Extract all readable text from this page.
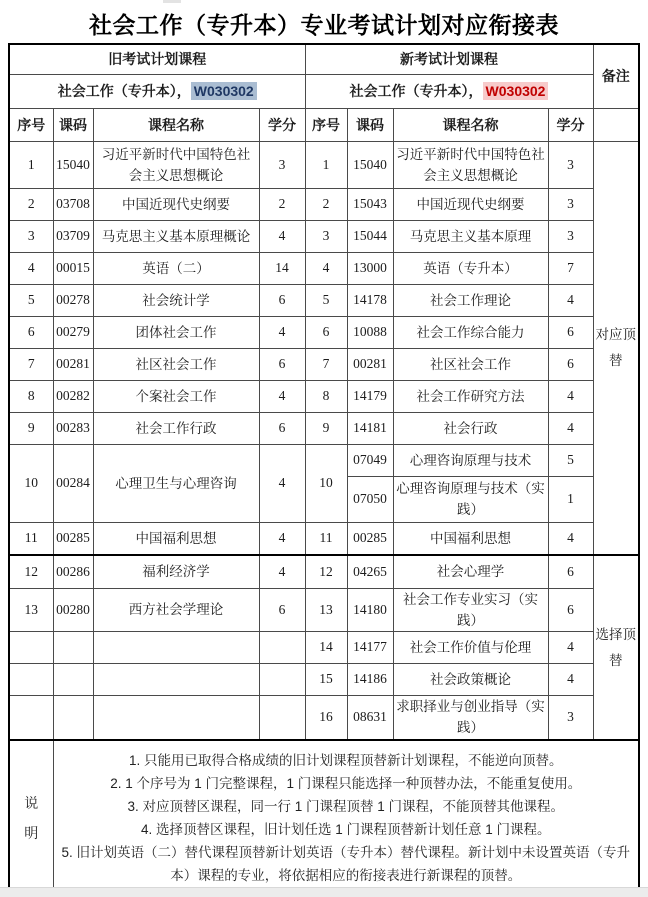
社会工作（专升本）专业考试计划对应衔接表
旧考试计划课程				新考试计划课程				备注
社会工作（专升本）， W030302				社会工作（专升本）， W030302				
序号	课码	课程名称	学分	序号	课码	课程名称	学分	
1	15040	习近平新时代中国特色社会主义思想概论	3	1	15040	习近平新时代中国特色社会主义思想概论	3	对应顶替
2	03708	中国近现代史纲要	2	2	15043	中国近现代史纲要	3	
3	03709	马克思主义基本原理概论	4	3	15044	马克思主义基本原理	3	
4	00015	英语（二）	14	4	13000	英语（专升本）	7	
5	00278	社会统计学	6	5	14178	社会工作理论	4	
6	00279	团体社会工作	4	6	10088	社会工作综合能力	6	
7	00281	社区社会工作	6	7	00281	社区社会工作	6	
8	00282	个案社会工作	4	8	14179	社会工作研究方法	4	
9	00283	社会工作行政	6	9	14181	社会行政	4	
10	00284	心理卫生与心理咨询	4	10	07049	心理咨询原理与技术	5	
					07050	心理咨询原理与技术（实践）	1	
11	00285	中国福利思想	4	11	00285	中国福利思想	4	
12	00286	福利经济学	4	12	04265	社会心理学	6	选择顶替
13	00280	西方社会学理论	6	13	14180	社会工作专业实习（实践）	6	
				14	14177	社会工作价值与伦理	4	
				15	14186	社会政策概论	4	
				16	08631	求职择业与创业指导（实践）	3	

说明	1. 只能用已取得合格成绩的旧计划课程顶替新计划课程，不能逆向顶替。
2. 1 个序号为 1 门完整课程，1 门课程只能选择一种顶替办法，不能重复使用。
3. 对应顶替区课程，同一行 1 门课程顶替 1 门课程，不能顶替其他课程。
4. 选择顶替区课程，旧计划任选 1 门课程顶替新计划任意 1 门课程。
5. 旧计划英语（二）替代课程顶替新计划英语（专升本）替代课程。新计划中未设置英语（专升本）课程的专业，将依据相应的衔接表进行新课程的顶替。							
